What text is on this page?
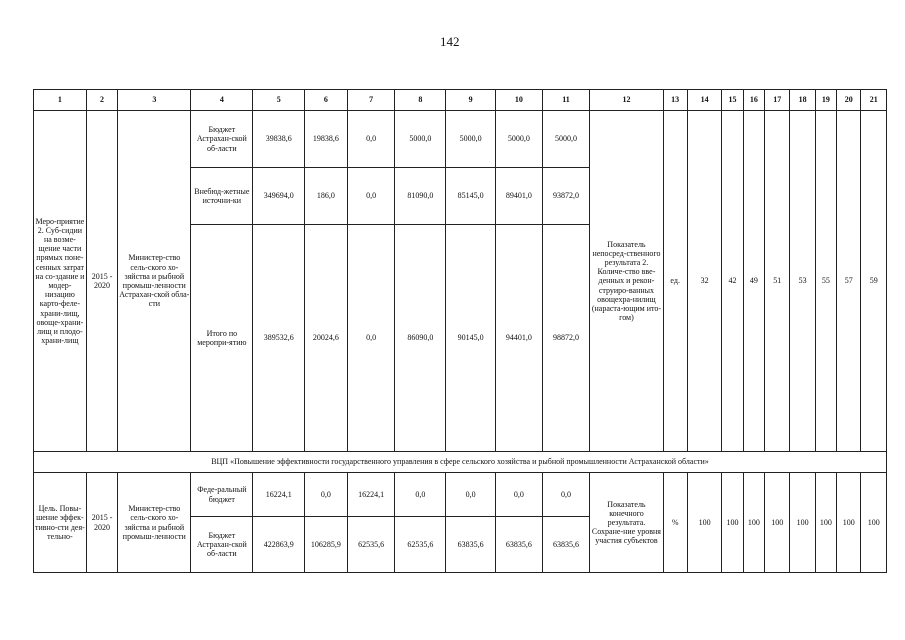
142
1	2	3	4	5	6	7	8	9	10	11	12	13	14	15	16	17	18	19	20	21
Меро-приятие 2. Суб-сидии на возме-щение части прямых поне-сенных затрат на со-здание и модер-низацию карто-феле-храни-лищ, овоще-храни-лищ и плодо-храни-лищ	2015 - 2020	Министер-ство сель-ского хо-зяйства и рыбной промыш-ленности Астрахан-ской обла-сти	Бюджет Астрахан-ской об-ласти	39838,6	19838,6	0,0	5000,0	5000,0	5000,0	5000,0	Показатель непосред-ственного результата 2. Количе-ство вве-денных и рекон-струиро-ванных овощехра-нилищ (нараста-ющим ито-гом)	ед.	32	42	49	51	53	55	57	59
			Внебюд-жетные источни-ки	349694,0	186,0	0,0	81090,0	85145,0	89401,0	93872,0										
			Итого по меропри-ятию	389532,6	20024,6	0,0	86090,0	90145,0	94401,0	98872,0										
ВЦП «Повышение эффективности государственного управления в сфере сельского хозяйства и рыбной промышленности Астраханской области»																				
Цель. Повы-шение эффек-тивно-сти дея-тельно-	2015 - 2020	Министер-ство сель-ского хо-зяйства и рыбной промыш-ленности	Феде-ральный бюджет	16224,1	0,0	16224,1	0,0	0,0	0,0	0,0	Показатель конечного результата. Сохране-ние уровня участия субъектов	%	100	100	100	100	100	100	100	100
			Бюджет Астрахан-ской об-ласти	422863,9	106285,9	62535,6	62535,6	63835,6	63835,6	63835,6										
